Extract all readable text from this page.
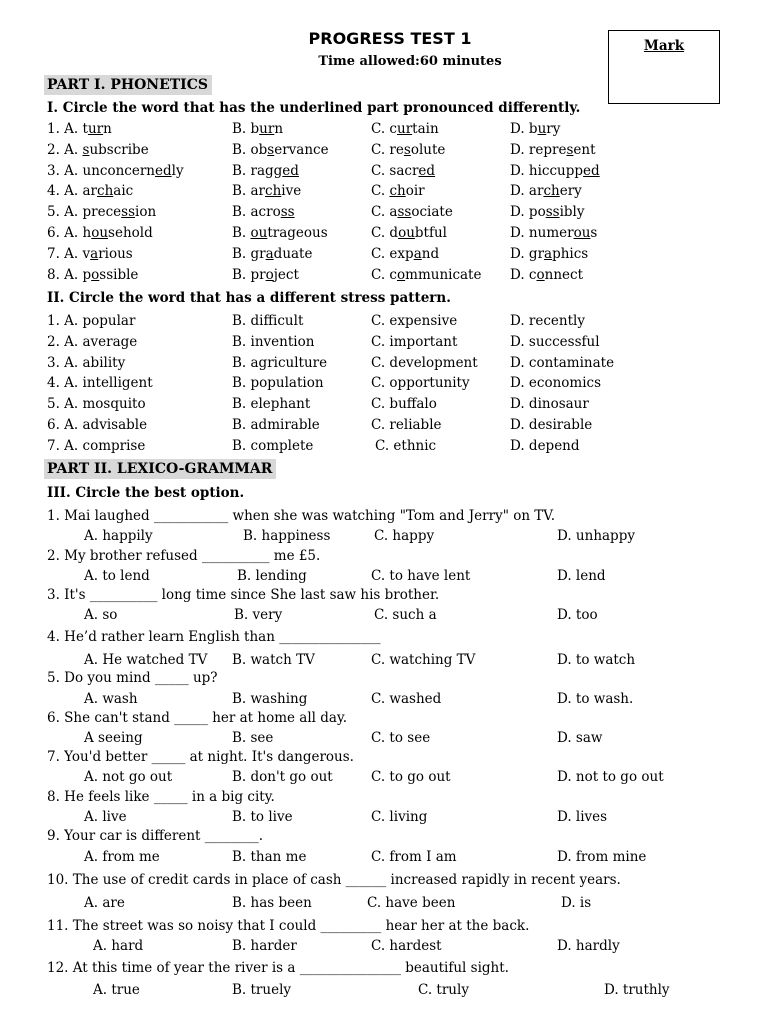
PROGRESS TEST 1
Time allowed:60 minutes
Mark
PART I. PHONETICS
I. Circle the word that has the underlined part pronounced differently.
1. A. turn	B. burn	C. curtain	D. bury
2. A. subscribe	B. observance	C. resolute	D. represent
3. A. unconcernedly	B. ragged	C. sacred	D. hiccupped
4. A. archaic	B. archive	C. choir	D. archery
5. A. precession	B. across	C. associate	D. possibly
6. A. household	B. outrageous	C. doubtful	D. numerous
7. A. various	B. graduate	C. expand	D. graphics
8. A. possible	B. project	C. communicate D. connect
II. Circle the word that has a different stress pattern.
1. A. popular	B. difficult	C. expensive	D. recently
2. A. average	B. invention	C. important	D. successful
3. A. ability	B. agriculture	C. development D. contaminate
4. A. intelligent	B. population	C. opportunity	D. economics
5. A. mosquito	B. elephant	C. buffalo	D. dinosaur
6. A. advisable	B. admirable	C. reliable	D. desirable
7. A. comprise	B. complete	C. ethnic	D. depend
PART II. LEXICO-GRAMMAR
III. Circle the best option.
1. Mai laughed ___________ when she was watching "Tom and Jerry" on TV.
A. happily	B. happiness	C. happy	D. unhappy
2. My brother refused __________ me £5.
A. to lend	B. lending	C. to have lent	D. lend
3. It's __________ long time since She last saw his brother.
A. so	B. very	C. such a	D. too
4. He’d rather learn English than _______________
A. He watched TV B. watch TV	C. watching TV	D. to watch
5. Do you mind _____ up?
A. wash	B. washing	C. washed	D. to wash.
6. She can't stand _____ her at home all day.
A seeing	B. see	C. to see	D. saw
7. You'd better _____ at night. It's dangerous.
A. not go out	B. don't go out	C. to go out	D. not to go out
8. He feels like _____ in a big city.
A. live	B. to live	C. living	D. lives
9. Your car is different ________.
A. from me	B. than me	C. from I am	D. from mine
10. The use of credit cards in place of cash ______ increased rapidly in recent years.
A. are	B. has been	C. have been	D. is
11. The street was so noisy that I could _________ hear her at the back.
A. hard	B. harder	C. hardest	D. hardly
12. At this time of year the river is a _______________ beautiful sight.
A. true	B. truely	C. truly	D. truthly
